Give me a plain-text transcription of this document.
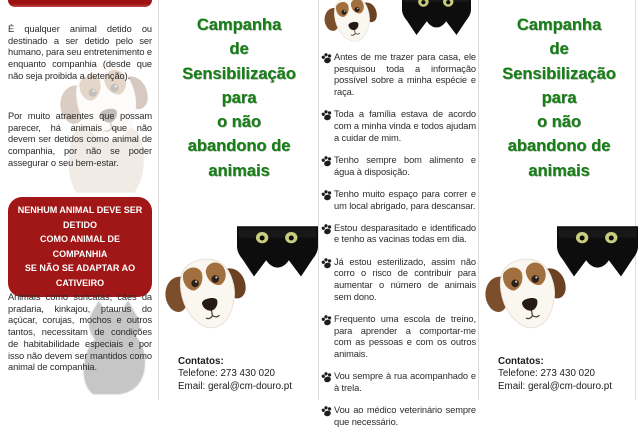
É qualquer animal detido ou destinado a ser detido pelo ser humano, para seu entretenimento e enquanto companhia (desde que não seja proibida a detenção).
Por muito atraentes que possam parecer, há animais que não devem ser detidos como animal de companhia, por não se poder assegurar o seu bem-estar.
NENHUM ANIMAL DEVE SER DETIDO
COMO ANIMAL DE COMPANHIA
SE NÃO SE ADAPTAR AO
CATIVEIRO
Animais como suricatas, cães da pradaria, kinkajou, ptaurus do açúcar, corujas, mochos e outros tantos, necessitam de condições de habitabilidade especiais e por isso não devem ser mantidos como animal de companhia.
Campanha
de
Sensibilização
para
o não
abandono de
animais
Contatos:
Telefone: 273 430 020
Email: geral@cm-douro.pt
Antes de me trazer para casa, ele pesquisou toda a informação possível sobre a minha espécie e raça.
Toda a família estava de acordo com a minha vinda e todos ajudam a cuidar de mim.
Tenho sempre bom alimento e água à disposição.
Tenho muito espaço para correr e um local abrigado, para descansar.
Estou desparasitado e identificado e tenho as vacinas todas em dia.
Já estou esterilizado, assim não corro o risco de contribuir para aumentar o número de animais sem dono.
Frequento uma escola de treino, para aprender a comportar-me com as pessoas e com os outros animais.
Vou sempre à rua acompanhado e à trela.
Vou ao médico veterinário sempre que necessário.
Campanha
de
Sensibilização
para
o não
abandono de
animais
Contatos:
Telefone: 273 430 020
Email: geral@cm-douro.pt
